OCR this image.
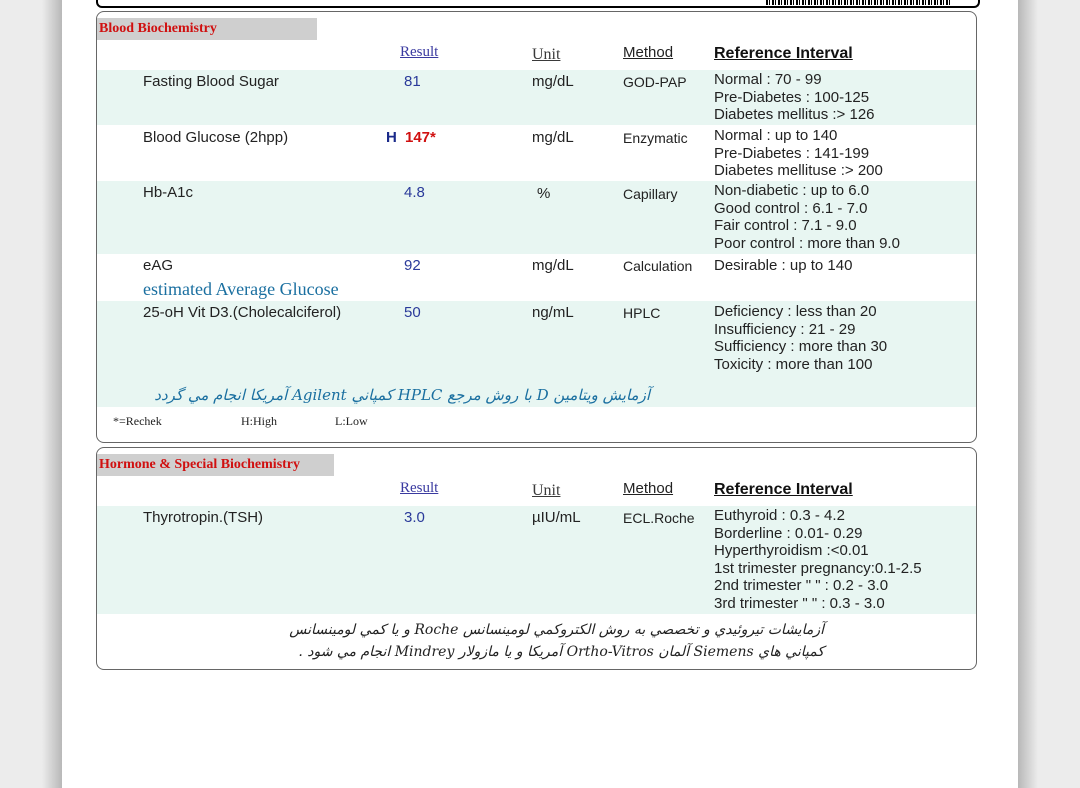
Blood Biochemistry
Result	Unit	Method	Reference Interval
Fasting Blood Sugar	81	mg/dL	GOD-PAP Normal : 70 - 99
Pre-Diabetes : 100-125
Diabetes mellitus :> 126
Blood Glucose (2hpp)	H 147*	mg/dL	Enzymatic Normal : up to 140
Pre-Diabetes : 141-199
Diabetes mellituse :> 200
Hb-A1c	4.8	%	Capillary Non-diabetic : up to 6.0
Good control : 6.1 - 7.0
Fair control : 7.1 - 9.0
Poor control : more than 9.0
eAG	92	mg/dL	Calculation Desirable : up to 140
estimated Average Glucose
25-oH Vit D3.(Cholecalciferol)	50	ng/mL	HPLC	Deficiency : less than 20
Insufficiency : 21 - 29
Sufficiency : more than 30
Toxicity : more than 100
آزمايش ويتامين D با روش مرجع HPLC كمپاني Agilent آمريكا انجام مي گردد
*=Rechek	H:High	L:Low
Hormone & Special Biochemistry
Result	Unit	Method	Reference Interval
Thyrotropin.(TSH)	3.0	µIU/mL	ECL.Roche Euthyroid : 0.3 - 4.2
Borderline : 0.01- 0.29
Hyperthyroidism :<0.01
1st trimester pregnancy:0.1-2.5
2nd trimester " " : 0.2 - 3.0
3rd trimester " " : 0.3 - 3.0
آزمايشات تيروئيدي و تخصصي به روش الكتروكمي لومينسانس Roche و يا كمي لومينسانس
كمپاني هاي Siemens آلمان Ortho-Vitros آمريكا و يا مازولار Mindrey انجام مي شود .
